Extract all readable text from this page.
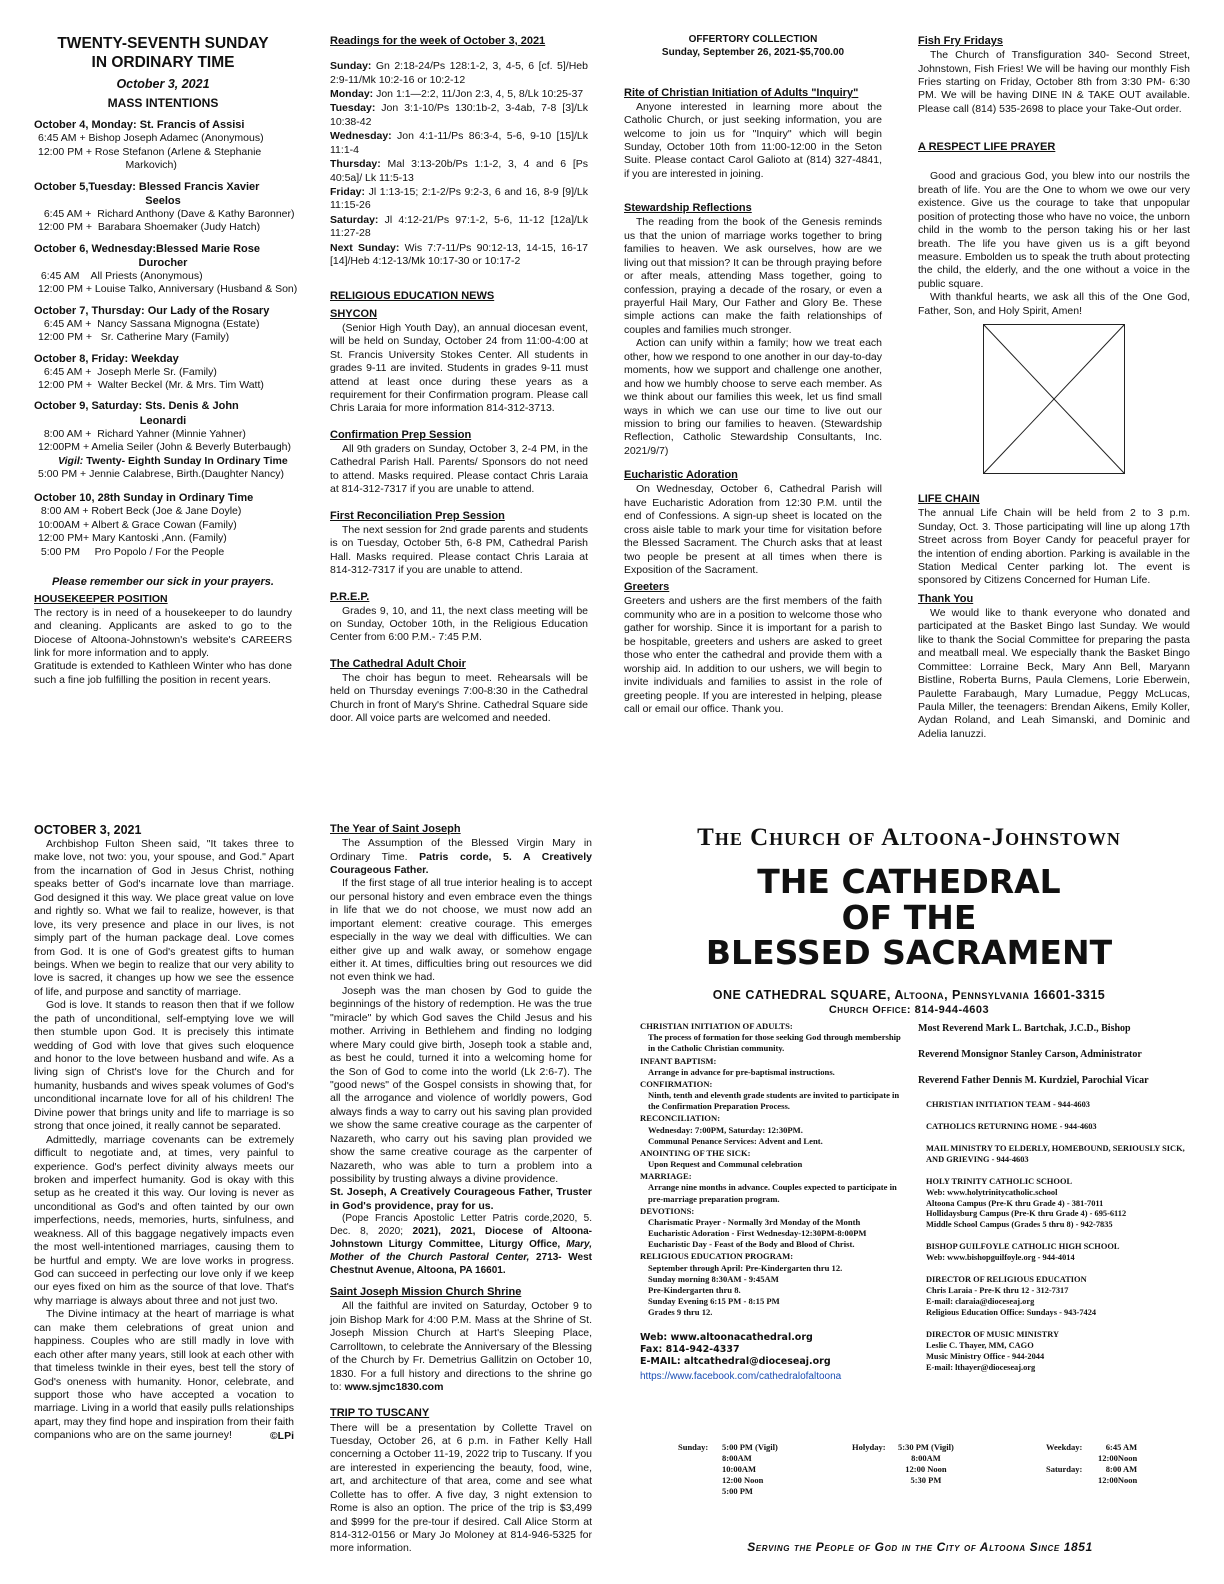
TWENTY-SEVENTH SUNDAY
IN ORDINARY TIME
October 3, 2021
MASS INTENTIONS
October 4, Monday: St. Francis of Assisi
6:45 AM + Bishop Joseph Adamec (Anonymous)
12:00 PM + Rose Stefanon (Arlene & Stephanie
Markovich)
October 5,Tuesday: Blessed Francis Xavier
Seelos
6:45 AM +  Richard Anthony (Dave & Kathy Baronner)
12:00 PM +  Barabara Shoemaker (Judy Hatch)
October 6, Wednesday:Blessed Marie Rose
Durocher
6:45 AM    All Priests (Anonymous)
12:00 PM + Louise Talko, Anniversary (Husband & Son)
October 7, Thursday: Our Lady of the Rosary
6:45 AM +  Nancy Sassana Mignogna (Estate)
12:00 PM +   Sr. Catherine Mary (Family)
October 8, Friday: Weekday
6:45 AM +  Joseph Merle Sr. (Family)
12:00 PM +  Walter Beckel (Mr. & Mrs. Tim Watt)
October 9, Saturday: Sts. Denis & John
Leonardi
8:00 AM +  Richard Yahner (Minnie Yahner)
12:00PM + Amelia Seiler (John & Beverly Buterbaugh)
Vigil: Twenty- Eighth Sunday In Ordinary Time
5:00 PM + Jennie Calabrese, Birth.(Daughter Nancy)
October 10, 28th Sunday in Ordinary Time
8:00 AM + Robert Beck (Joe & Jane Doyle)
10:00AM + Albert & Grace Cowan (Family)
12:00 PM+ Mary Kantoski ,Ann. (Family)
5:00 PM     Pro Popolo / For the People
Please remember our sick in your prayers.
HOUSEKEEPER POSITION

The rectory is in need of a housekeeper to do laundry and cleaning. Applicants are asked to go to the Diocese of Altoona-Johnstown's website's CAREERS link for more information and to apply.

Gratitude is extended to Kathleen Winter who has done such a fine job fulfilling the position in recent years.

Readings for the week of October 3, 2021

Sunday: Gn 2:18-24/Ps 128:1-2, 3, 4-5, 6 [cf. 5]/Heb 2:9-11/Mk 10:2-16 or 10:2-12

Monday: Jon 1:1—2:2, 11/Jon 2:3, 4, 5, 8/Lk 10:25-37

Tuesday: Jon 3:1-10/Ps 130:1b-2, 3-4ab, 7-8 [3]/Lk 10:38-42

Wednesday: Jon 4:1-11/Ps 86:3-4, 5-6, 9-10 [15]/Lk 11:1-4

Thursday: Mal 3:13-20b/Ps 1:1-2, 3, 4 and 6 [Ps 40:5a]/ Lk 11:5-13

Friday: Jl 1:13-15; 2:1-2/Ps 9:2-3, 6 and 16, 8-9 [9]/Lk 11:15-26

Saturday: Jl 4:12-21/Ps 97:1-2, 5-6, 11-12 [12a]/Lk 11:27-28

Next Sunday: Wis 7:7-11/Ps 90:12-13, 14-15, 16-17 [14]/Heb 4:12-13/Mk 10:17-30 or 10:17-2

RELIGIOUS EDUCATION NEWS
SHYCON

(Senior High Youth Day), an annual diocesan event, will be held on Sunday, October 24 from 11:00-4:00 at St. Francis University Stokes Center. All students in grades 9-11 are invited. Students in grades 9-11 must attend at least once during these years as a requirement for their Confirmation program. Please call Chris Laraia for more information 814-312-3713.

Confirmation Prep Session

All 9th graders on Sunday, October 3, 2-4 PM, in the Cathedral Parish Hall. Parents/ Sponsors do not need to attend. Masks required. Please contact Chris Laraia at 814-312-7317 if you are unable to attend.

First Reconciliation Prep Session

The next session for 2nd grade parents and students is on Tuesday, October 5th, 6-8 PM, Cathedral Parish Hall. Masks required. Please contact Chris Laraia at 814-312-7317 if you are unable to attend.

P.R.E.P.

Grades 9, 10, and 11, the next class meeting will be on Sunday, October 10th, in the Religious Education Center from 6:00 P.M.- 7:45 P.M.

The Cathedral Adult Choir

The choir has begun to meet. Rehearsals will be held on Thursday evenings 7:00-8:30 in the Cathedral Church in front of Mary's Shrine. Cathedral Square side door. All voice parts are welcomed and needed.

OFFERTORY COLLECTION
Sunday, September 26, 2021-$5,700.00
Rite of Christian Initiation of Adults "Inquiry"

Anyone interested in learning more about the Catholic Church, or just seeking information, you are welcome to join us for "Inquiry" which will begin Sunday, October 10th from 11:00-12:00 in the Seton Suite. Please contact Carol Galioto at (814) 327-4841, if you are interested in joining.

Stewardship Reflections

The reading from the book of the Genesis reminds us that the union of marriage works together to bring families to heaven. We ask ourselves, how are we living out that mission? It can be through praying before or after meals, attending Mass together, going to confession, praying a decade of the rosary, or even a prayerful Hail Mary, Our Father and Glory Be. These simple actions can make the faith relationships of couples and families much stronger.

Action can unify within a family; how we treat each other, how we respond to one another in our day-to-day moments, how we support and challenge one another, and how we humbly choose to serve each member. As we think about our families this week, let us find small ways in which we can use our time to live out our mission to bring our families to heaven. (Stewardship Reflection, Catholic Stewardship Consultants, Inc. 2021/9/7)

Eucharistic Adoration

On Wednesday, October 6, Cathedral Parish will have Eucharistic Adoration from 12:30 P.M. until the end of Confessions. A sign-up sheet is located on the cross aisle table to mark your time for visitation before the Blessed Sacrament. The Church asks that at least two people be present at all times when there is Exposition of the Sacrament.

Greeters

Greeters and ushers are the first members of the faith community who are in a position to welcome those who gather for worship. Since it is important for a parish to be hospitable, greeters and ushers are asked to greet those who enter the cathedral and provide them with a worship aid. In addition to our ushers, we will begin to invite individuals and families to assist in the role of greeting people. If you are interested in helping, please call or email our office. Thank you.

Fish Fry Fridays

The Church of Transfiguration 340- Second Street, Johnstown, Fish Fries! We will be having our monthly Fish Fries starting on Friday, October 8th from 3:30 PM- 6:30 PM. We will be having DINE IN & TAKE OUT available. Please call (814) 535-2698 to place your Take-Out order.

A RESPECT LIFE PRAYER

Good and gracious God, you blew into our nostrils the breath of life. You are the One to whom we owe our very existence. Give us the courage to take that unpopular position of protecting those who have no voice, the unborn child in the womb to the person taking his or her last breath. The life you have given us is a gift beyond measure. Embolden us to speak the truth about protecting the child, the elderly, and the one without a voice in the public square.

With thankful hearts, we ask all this of the One God, Father, Son, and Holy Spirit, Amen!

LIFE CHAIN

The annual Life Chain will be held from 2 to 3 p.m. Sunday, Oct. 3. Those participating will line up along 17th Street across from Boyer Candy for peaceful prayer for the intention of ending abortion. Parking is available in the Station Medical Center parking lot. The event is sponsored by Citizens Concerned for Human Life.

Thank You

We would like to thank everyone who donated and participated at the Basket Bingo last Sunday. We would like to thank the Social Committee for preparing the pasta and meatball meal. We especially thank the Basket Bingo Committee: Lorraine Beck, Mary Ann Bell, Maryann Bistline, Roberta Burns, Paula Clemens, Lorie Eberwein, Paulette Farabaugh, Mary Lumadue, Peggy McLucas, Paula Miller, the teenagers: Brendan Aikens, Emily Koller, Aydan Roland, and Leah Simanski, and Dominic and Adelia Ianuzzi.

OCTOBER 3, 2021

Archbishop Fulton Sheen said, "It takes three to make love, not two: you, your spouse, and God." Apart from the incarnation of God in Jesus Christ, nothing speaks better of God's incarnate love than marriage. God designed it this way. We place great value on love and rightly so. What we fail to realize, however, is that love, its very presence and place in our lives, is not simply part of the human package deal. Love comes from God. It is one of God's greatest gifts to human beings. When we begin to realize that our very ability to love is sacred, it changes up how we see the essence of life, and purpose and sanctity of marriage.

God is love. It stands to reason then that if we follow the path of unconditional, self-emptying love we will then stumble upon God. It is precisely this intimate wedding of God with love that gives such eloquence and honor to the love between husband and wife. As a living sign of Christ's love for the Church and for humanity, husbands and wives speak volumes of God's unconditional incarnate love for all of his children! The Divine power that brings unity and life to marriage is so strong that once joined, it really cannot be separated.

Admittedly, marriage covenants can be extremely difficult to negotiate and, at times, very painful to experience. God's perfect divinity always meets our broken and imperfect humanity. God is okay with this setup as he created it this way. Our loving is never as unconditional as God's and often tainted by our own imperfections, needs, memories, hurts, sinfulness, and weakness. All of this baggage negatively impacts even the most well-intentioned marriages, causing them to be hurtful and empty. We are love works in progress. God can succeed in perfecting our love only if we keep our eyes fixed on him as the source of that love. That's why marriage is always about three and not just two.

The Divine intimacy at the heart of marriage is what can make them celebrations of great union and happiness. Couples who are still madly in love with each other after many years, still look at each other with that timeless twinkle in their eyes, best tell the story of God's oneness with humanity. Honor, celebrate, and support those who have accepted a vocation to marriage. Living in a world that easily pulls relationships apart, may they find hope and inspiration from their faith companions who are on the same journey!	©LPi
The Year of Saint Joseph

The Assumption of the Blessed Virgin Mary in Ordinary Time. Patris corde, 5. A Creatively Courageous Father.

If the first stage of all true interior healing is to accept our personal history and even embrace even the things in life that we do not choose, we must now add an important element: creative courage. This emerges especially in the way we deal with difficulties. We can either give up and walk away, or somehow engage either it. At times, difficulties bring out resources we did not even think we had.

Joseph was the man chosen by God to guide the beginnings of the history of redemption. He was the true "miracle" by which God saves the Child Jesus and his mother. Arriving in Bethlehem and finding no lodging where Mary could give birth, Joseph took a stable and, as best he could, turned it into a welcoming home for the Son of God to come into the world (Lk 2:6-7). The "good news" of the Gospel consists in showing that, for all the arrogance and violence of worldly powers, God always finds a way to carry out his saving plan provided we show the same creative courage as the carpenter of Nazareth, who carry out his saving plan provided we show the same creative courage as the carpenter of Nazareth, who was able to turn a problem into a possibility by trusting always a divine providence.

St. Joseph, A Creatively Courageous Father, Truster in God's providence, pray for us.

(Pope Francis Apostolic Letter Patris corde,2020, 5. Dec. 8, 2020; 2021), 2021, Diocese of Altoona-Johnstown Liturgy Committee, Liturgy Office, Mary, Mother of the Church Pastoral Center, 2713- West Chestnut Avenue, Altoona, PA 16601.

Saint Joseph Mission Church Shrine

All the faithful are invited on Saturday, October 9 to join Bishop Mark for 4:00 P.M. Mass at the Shrine of St. Joseph Mission Church at Hart's Sleeping Place, Carrolltown, to celebrate the Anniversary of the Blessing of the Church by Fr. Demetrius Gallitzin on October 10, 1830. For a full history and directions to the shrine go to: www.sjmc1830.com

TRIP TO TUSCANY

There will be a presentation by Collette Travel on Tuesday, October 26, at 6 p.m. in Father Kelly Hall concerning a October 11-19, 2022 trip to Tuscany. If you are interested in experiencing the beauty, food, wine, art, and architecture of that area, come and see what Collette has to offer. A five day, 3 night extension to Rome is also an option. The price of the trip is $3,499 and $999 for the pre-tour if desired. Call Alice Storm at 814-312-0156 or Mary Jo Moloney at 814-946-5325 for more information.

The Church of Altoona-Johnstown
THE CATHEDRAL
OF THE
BLESSED SACRAMENT
ONE CATHEDRAL SQUARE, Altoona, Pennsylvania 16601-3315
Church Office: 814-944-4603
CHRISTIAN INITIATION OF ADULTS:
The process of formation for those seeking God through membership in the Catholic Christian community.
INFANT BAPTISM:
Arrange in advance for pre-baptismal instructions.
CONFIRMATION:
Ninth, tenth and eleventh grade students are invited to participate in the Confirmation Preparation Process.
RECONCILIATION:
Wednesday: 7:00PM, Saturday: 12:30PM.
Communal Penance Services: Advent and Lent.
ANOINTING OF THE SICK:
Upon Request and Communal celebration
MARRIAGE:
Arrange nine months in advance. Couples expected to participate in pre-marriage preparation program.
DEVOTIONS:
Charismatic Prayer - Normally 3rd Monday of the Month
Eucharistic Adoration - First Wednesday-12:30PM-8:00PM
Eucharistic Day - Feast of the Body and Blood of Christ.
RELIGIOUS EDUCATION PROGRAM:
September through April: Pre-Kindergarten thru 12.
Sunday morning 8:30AM - 9:45AM
Pre-Kindergarten thru 8.
Sunday Evening 6:15 PM - 8:15 PM
Grades 9 thru 12.
Web: www.altoonacathedral.org
Fax: 814-942-4337
E-MAIL: altcathedral@dioceseaj.org
https://www.facebook.com/cathedralofaltoona
Most Reverend Mark L. Bartchak, J.C.D., Bishop
Reverend Monsignor Stanley Carson, Administrator
Reverend Father Dennis M. Kurdziel, Parochial Vicar
CHRISTIAN INITIATION TEAM - 944-4603
CATHOLICS RETURNING HOME - 944-4603
MAIL MINISTRY TO ELDERLY, HOMEBOUND, SERIOUSLY SICK, AND GRIEVING - 944-4603
HOLY TRINITY CATHOLIC SCHOOL
Web: www.holytrinitycatholic.school
Altoona Campus (Pre-K thru Grade 4) - 381-7011
Hollidaysburg Campus (Pre-K thru Grade 4) - 695-6112
Middle School Campus (Grades 5 thru 8) - 942-7835
BISHOP GUILFOYLE CATHOLIC HIGH SCHOOL
Web: www.bishopguilfoyle.org - 944-4014
DIRECTOR OF RELIGIOUS EDUCATION
Chris Laraia - Pre-K thru 12 - 312-7317
E-mail: claraia@dioceseaj.org
Religious Education Office: Sundays - 943-7424
DIRECTOR OF MUSIC MINISTRY
Leslie C. Thayer, MM, CAGO
Music Ministry Office - 944-2044
E-mail: lthayer@dioceseaj.org
Sunday: 5:00 PM (Vigil)
8:00AM
10:00AM
12:00 Noon
5:00 PM
Holyday: 5:30 PM (Vigil)
8:00AM
12:00 Noon
5:30 PM
Weekday:	6:45 AM
12:00Noon
Saturday:	8:00 AM
12:00Noon
Serving the People of God in the City of Altoona Since 1851
